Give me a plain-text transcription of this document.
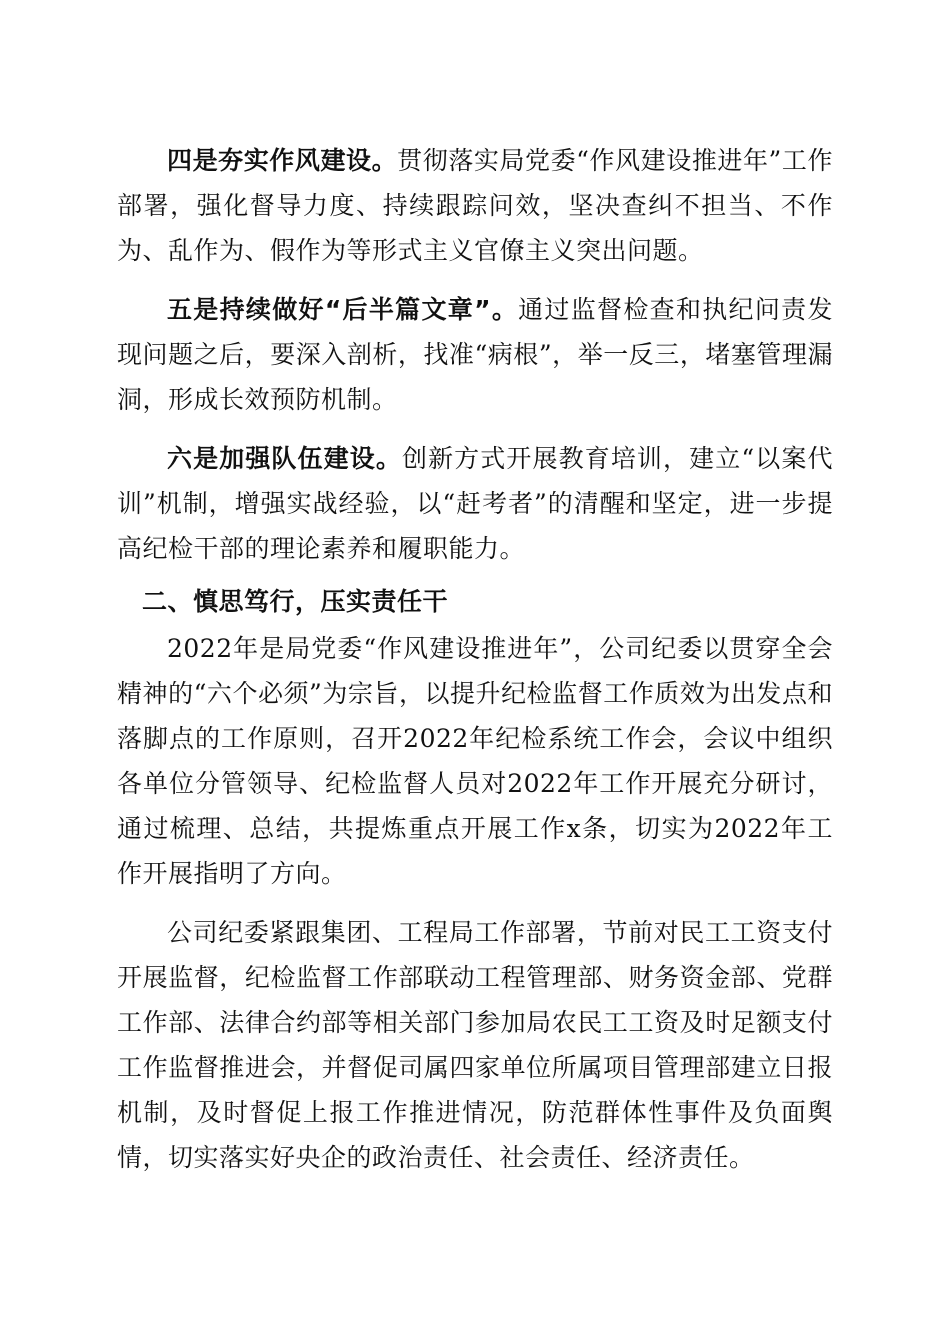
四是夯实作风建设。贯彻落实局党委“作风建设推进年”工作部署，强化督导力度、持续跟踪问效，坚决查纠不担当、不作为、乱作为、假作为等形式主义官僚主义突出问题。

五是持续做好“后半篇文章”。通过监督检查和执纪问责发现问题之后，要深入剖析，找准“病根”，举一反三，堵塞管理漏洞，形成长效预防机制。

六是加强队伍建设。创新方式开展教育培训，建立“以案代训”机制，增强实战经验，以“赶考者”的清醒和坚定，进一步提高纪检干部的理论素养和履职能力。

二、慎思笃行，压实责任干

2022年是局党委“作风建设推进年”，公司纪委以贯穿全会精神的“六个必须”为宗旨，以提升纪检监督工作质效为出发点和落脚点的工作原则，召开2022年纪检系统工作会，会议中组织各单位分管领导、纪检监督人员对2022年工作开展充分研讨，通过梳理、总结，共提炼重点开展工作x条，切实为2022年工作开展指明了方向。

公司纪委紧跟集团、工程局工作部署，节前对民工工资支付开展监督，纪检监督工作部联动工程管理部、财务资金部、党群工作部、法律合约部等相关部门参加局农民工工资及时足额支付工作监督推进会，并督促司属四家单位所属项目管理部建立日报机制，及时督促上报工作推进情况，防范群体性事件及负面舆情，切实落实好央企的政治责任、社会责任、经济责任。
